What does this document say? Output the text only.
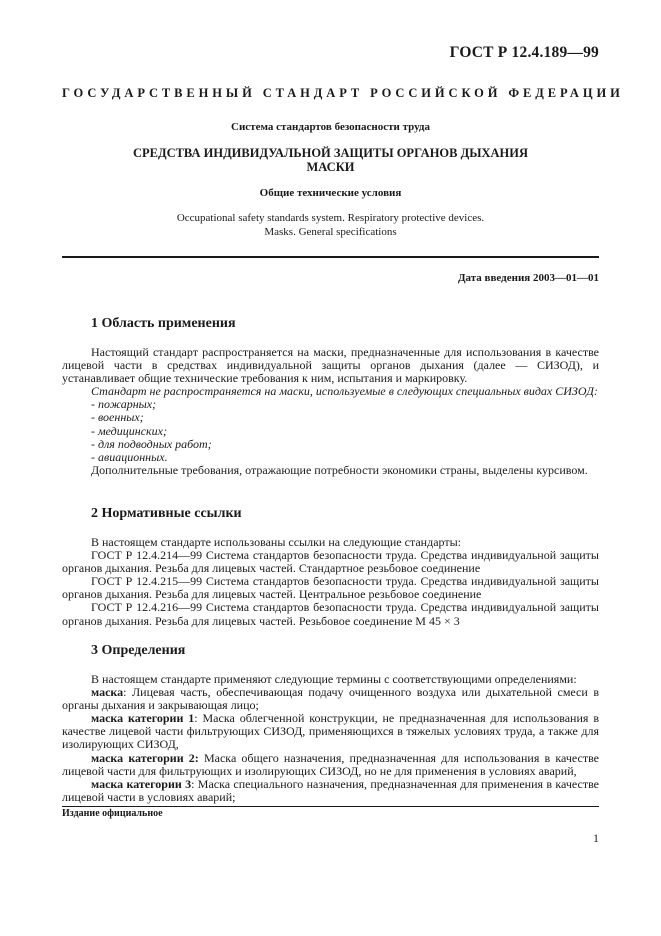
ГОСТ Р 12.4.189—99
ГОСУДАРСТВЕННЫЙ СТАНДАРТ РОССИЙСКОЙ ФЕДЕРАЦИИ
Система стандартов безопасности труда
СРЕДСТВА ИНДИВИДУАЛЬНОЙ ЗАЩИТЫ ОРГАНОВ ДЫХАНИЯ
МАСКИ
Общие технические условия
Occupational safety standards system. Respiratory protective devices.
Masks. General specifications
Дата введения 2003—01—01
1 Область применения

Настоящий стандарт распространяется на маски, предназначенные для использования в качестве лицевой части в средствах индивидуальной защиты органов дыхания (далее — СИЗОД), и устанавливает общие технические требования к ним, испытания и маркировку.

Стандарт не распространяется на маски, используемые в следующих специальных видах СИЗОД:

- пожарных;

- военных;

- медицинских;

- для подводных работ;

- авиационных.

Дополнительные требования, отражающие потребности экономики страны, выделены курсивом.

2 Нормативные ссылки

В настоящем стандарте использованы ссылки на следующие стандарты:

ГОСТ Р 12.4.214—99 Система стандартов безопасности труда. Средства индивидуальной защиты органов дыхания. Резьба для лицевых частей. Стандартное резьбовое соединение

ГОСТ Р 12.4.215—99 Система стандартов безопасности труда. Средства индивидуальной защиты органов дыхания. Резьба для лицевых частей. Центральное резьбовое соединение

ГОСТ Р 12.4.216—99 Система стандартов безопасности труда. Средства индивидуальной защиты органов дыхания. Резьба для лицевых частей. Резьбовое соединение М 45 × 3

3 Определения

В настоящем стандарте применяют следующие термины с соответствующими определениями:

маска: Лицевая часть, обеспечивающая подачу очищенного воздуха или дыхательной смеси в органы дыхания и закрывающая лицо;

маска категории 1: Маска облегченной конструкции, не предназначенная для использования в качестве лицевой части фильтрующих СИЗОД, применяющихся в тяжелых условиях труда, а также для изолирующих СИЗОД,

маска категории 2: Маска общего назначения, предназначенная для использования в качестве лицевой части для фильтрующих и изолирующих СИЗОД, но не для применения в условиях аварий,

маска категории 3: Маска специального назначения, предназначенная для применения в качестве лицевой части в условиях аварий;

Издание официальное
1
